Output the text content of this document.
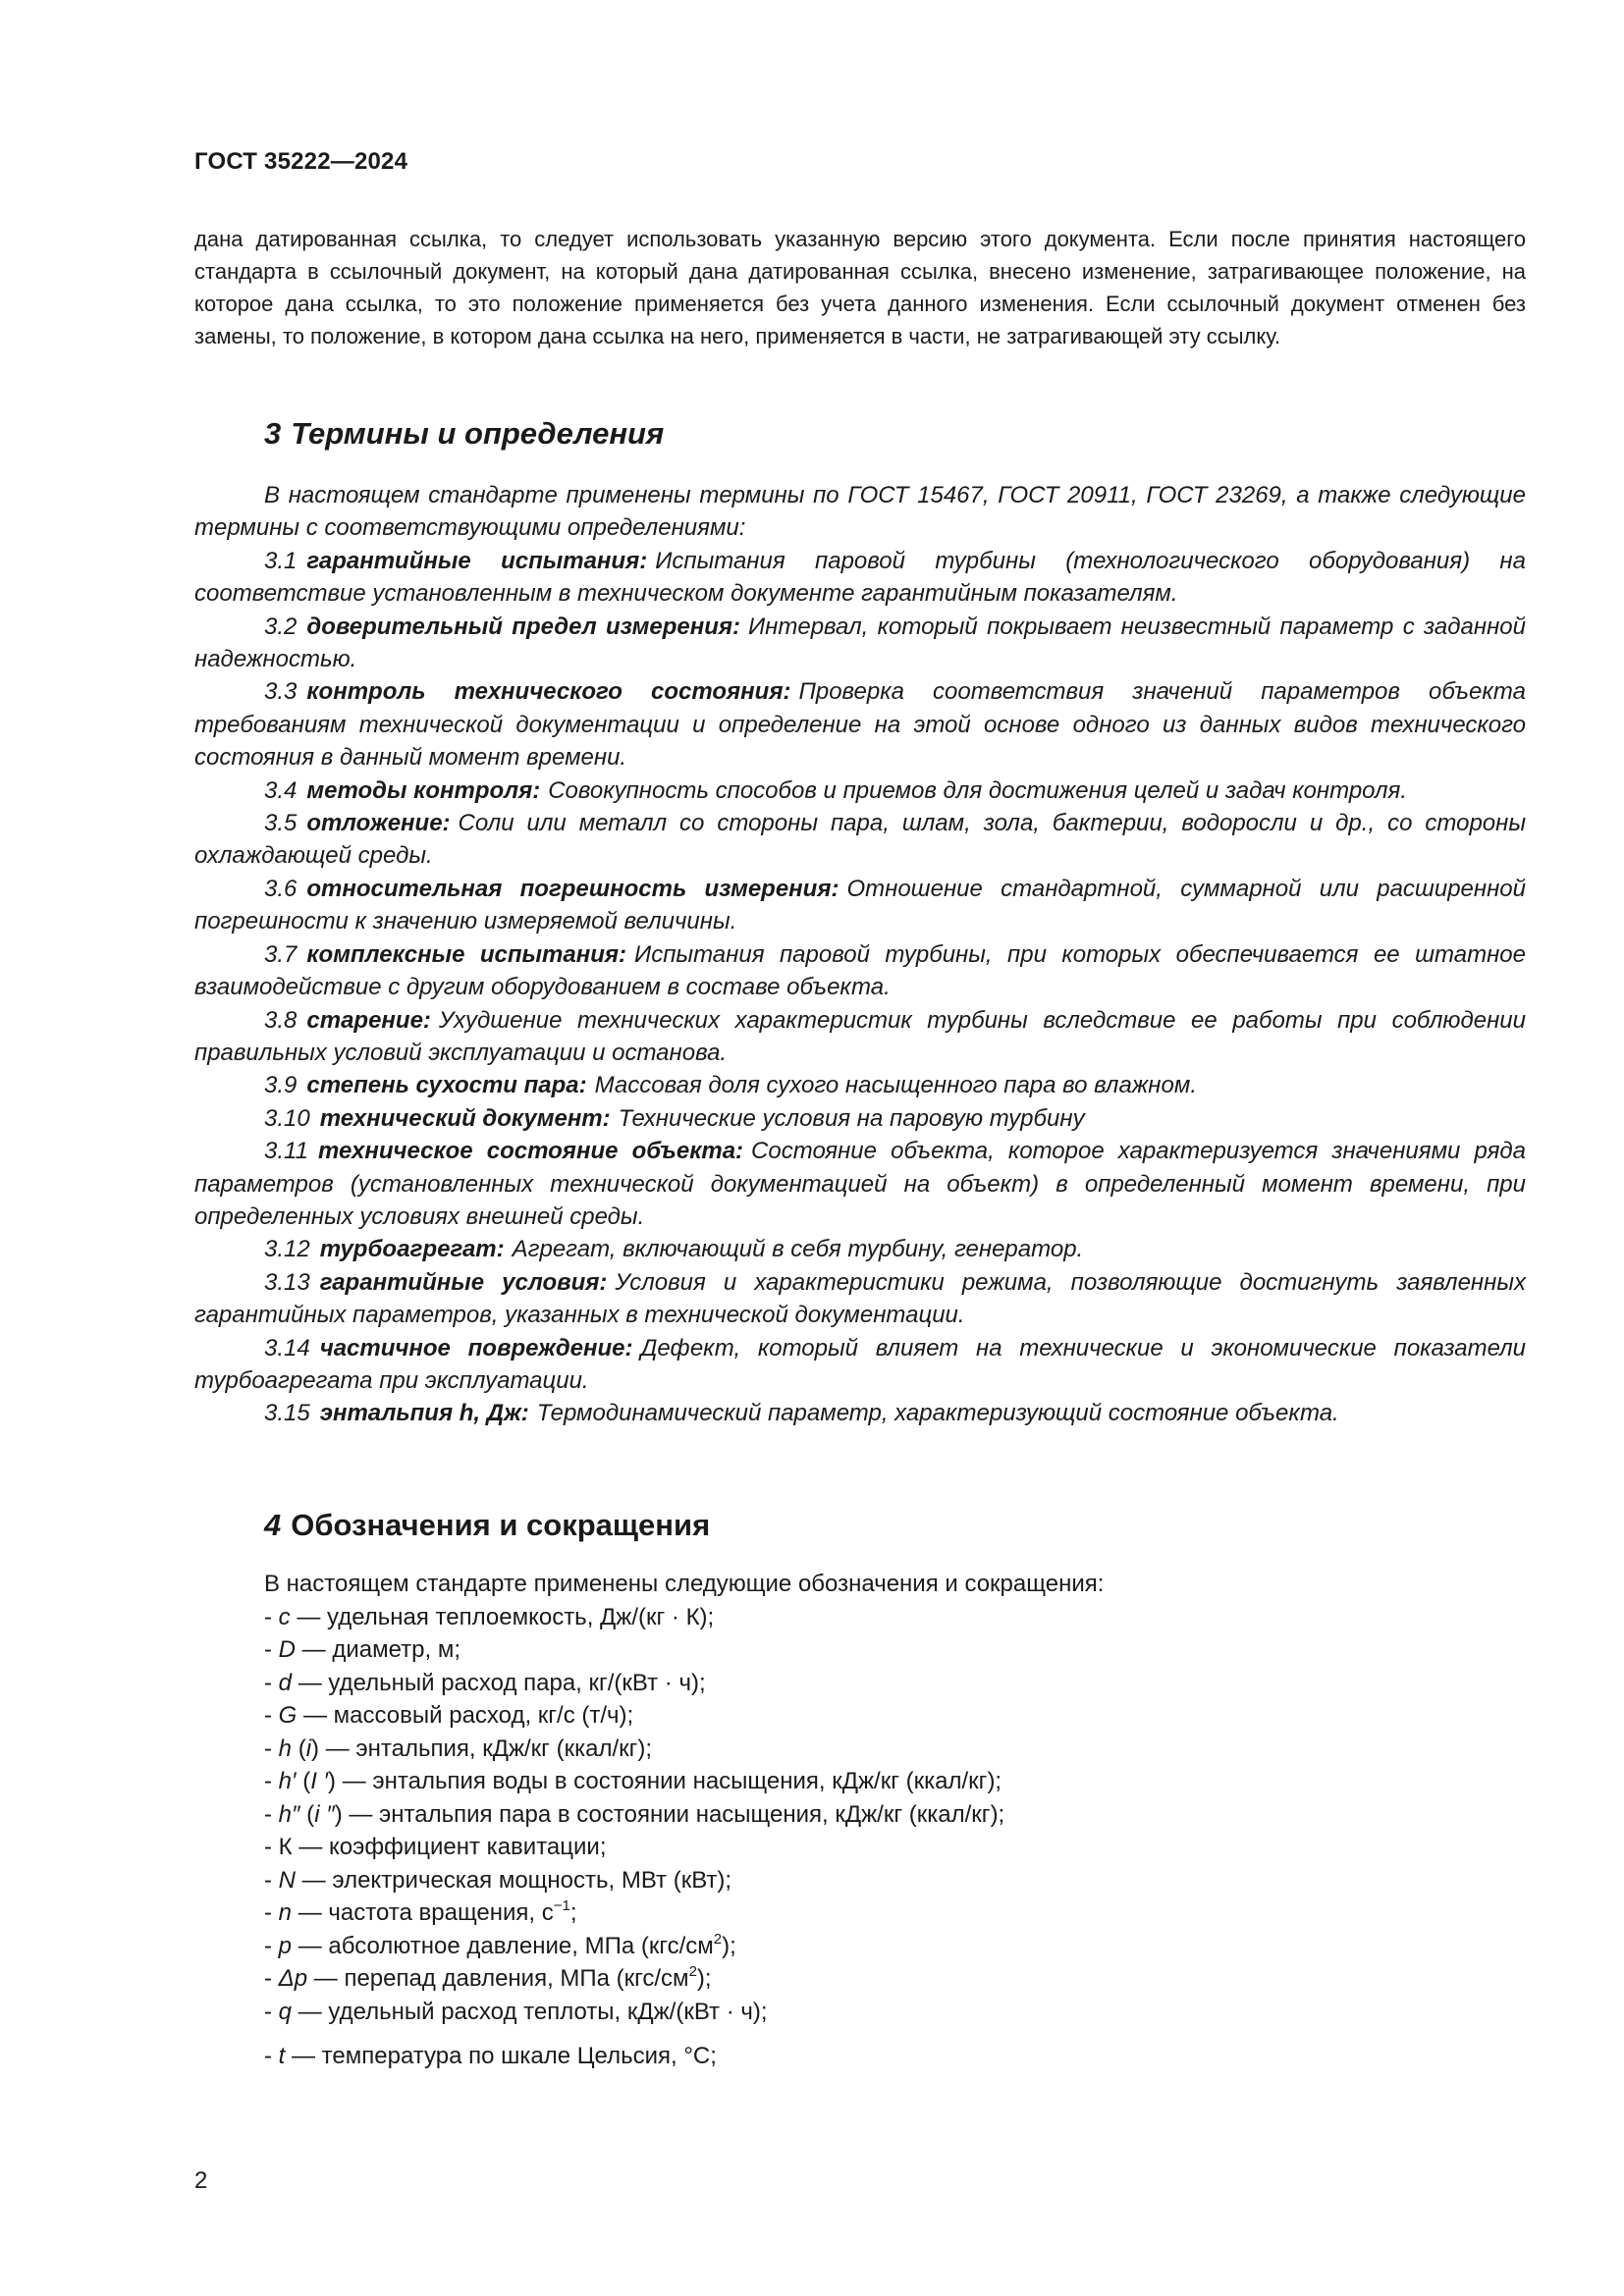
ГОСТ 35222—2024
дана датированная ссылка, то следует использовать указанную версию этого документа. Если после принятия настоящего стандарта в ссылочный документ, на который дана датированная ссылка, внесено изменение, затрагивающее положение, на которое дана ссылка, то это положение применяется без учета данного изменения. Если ссылочный документ отменен без замены, то положение, в котором дана ссылка на него, применяется в части, не затрагивающей эту ссылку.
3 Термины и определения

В настоящем стандарте применены термины по ГОСТ 15467, ГОСТ 20911, ГОСТ 23269, а также следующие термины с соответствующими определениями:

3.1 гарантийные испытания: Испытания паровой турбины (технологического оборудования) на соответствие установленным в техническом документе гарантийным показателям.

3.2 доверительный предел измерения: Интервал, который покрывает неизвестный параметр с заданной надежностью.

3.3 контроль технического состояния: Проверка соответствия значений параметров объекта требованиям технической документации и определение на этой основе одного из данных видов технического состояния в данный момент времени.

3.4 методы контроля: Совокупность способов и приемов для достижения целей и задач контроля.

3.5 отложение: Соли или металл со стороны пара, шлам, зола, бактерии, водоросли и др., со стороны охлаждающей среды.

3.6 относительная погрешность измерения: Отношение стандартной, суммарной или расширенной погрешности к значению измеряемой величины.

3.7 комплексные испытания: Испытания паровой турбины, при которых обеспечивается ее штатное взаимодействие с другим оборудованием в составе объекта.

3.8 старение: Ухудшение технических характеристик турбины вследствие ее работы при соблюдении правильных условий эксплуатации и останова.

3.9 степень сухости пара: Массовая доля сухого насыщенного пара во влажном.

3.10 технический документ: Технические условия на паровую турбину

3.11 техническое состояние объекта: Состояние объекта, которое характеризуется значениями ряда параметров (установленных технической документацией на объект) в определенный момент времени, при определенных условиях внешней среды.

3.12 турбоагрегат: Агрегат, включающий в себя турбину, генератор.

3.13 гарантийные условия: Условия и характеристики режима, позволяющие достигнуть заявленных гарантийных параметров, указанных в технической документации.

3.14 частичное повреждение: Дефект, который влияет на технические и экономические показатели турбоагрегата при эксплуатации.

3.15 энтальпия h, Дж: Термодинамический параметр, характеризующий состояние объекта.

4 Обозначения и сокращения
В настоящем стандарте применены следующие обозначения и сокращения:
- c — удельная теплоемкость, Дж/(кг · К);
- D — диаметр, м;
- d — удельный расход пара, кг/(кВт · ч);
- G — массовый расход, кг/с (т/ч);
- h (i) — энтальпия, кДж/кг (ккал/кг);
- h′ (I ′) — энтальпия воды в состоянии насыщения, кДж/кг (ккал/кг);
- h″ (i ″) — энтальпия пара в состоянии насыщения, кДж/кг (ккал/кг);
- К — коэффициент кавитации;
- N — электрическая мощность, МВт (кВт);
- n — частота вращения, $с^{-1}$;
- p — абсолютное давление, МПа $(кгс/см^2)$;
- Δp — перепад давления, МПа $(кгс/см^2)$;
- q — удельный расход теплоты, кДж/(кВт · ч);
- t — температура по шкале Цельсия, °С;
2
